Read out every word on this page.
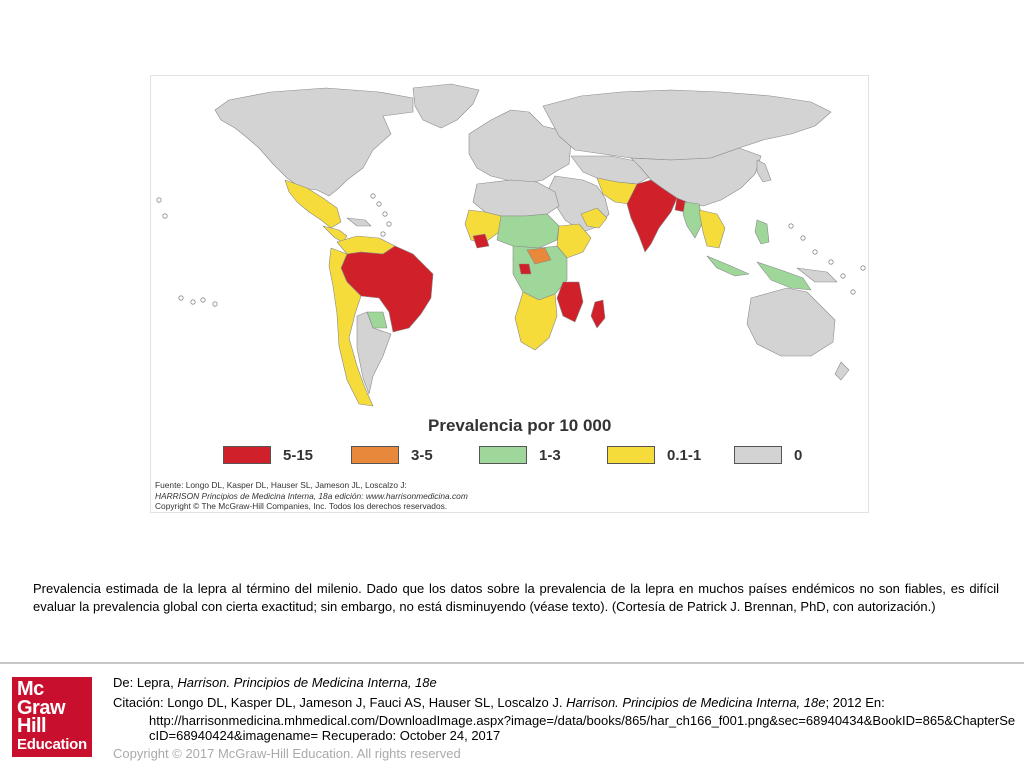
Prevalencia por 10 000
5-15	3-5	1-3	0.1-1	0
Fuente: Longo DL, Kasper DL, Hauser SL, Jameson JL, Loscalzo J:
HARRISON Principios de Medicina Interna, 18a edición: www.harrisonmedicina.com
Copyright © The McGraw-Hill Companies, Inc. Todos los derechos reservados.
Prevalencia estimada de la lepra al término del milenio. Dado que los datos sobre la prevalencia de la lepra en muchos países endémicos no son fiables, es difícil evaluar la prevalencia global con cierta exactitud; sin embargo, no está disminuyendo (véase texto). (Cortesía de Patrick J. Brennan, PhD, con autorización.)
Mc
Graw
Hill
Education
De: Lepra, Harrison. Principios de Medicina Interna, 18e
Citación: Longo DL, Kasper DL, Jameson J, Fauci AS, Hauser SL, Loscalzo J. Harrison. Principios de Medicina Interna, 18e; 2012 En:
http://harrisonmedicina.mhmedical.com/DownloadImage.aspx?image=/data/books/865/har_ch166_f001.png&sec=68940434&BookID=865&ChapterSecID=68940424&imagename= Recuperado: October 24, 2017
Copyright © 2017 McGraw-Hill Education. All rights reserved
